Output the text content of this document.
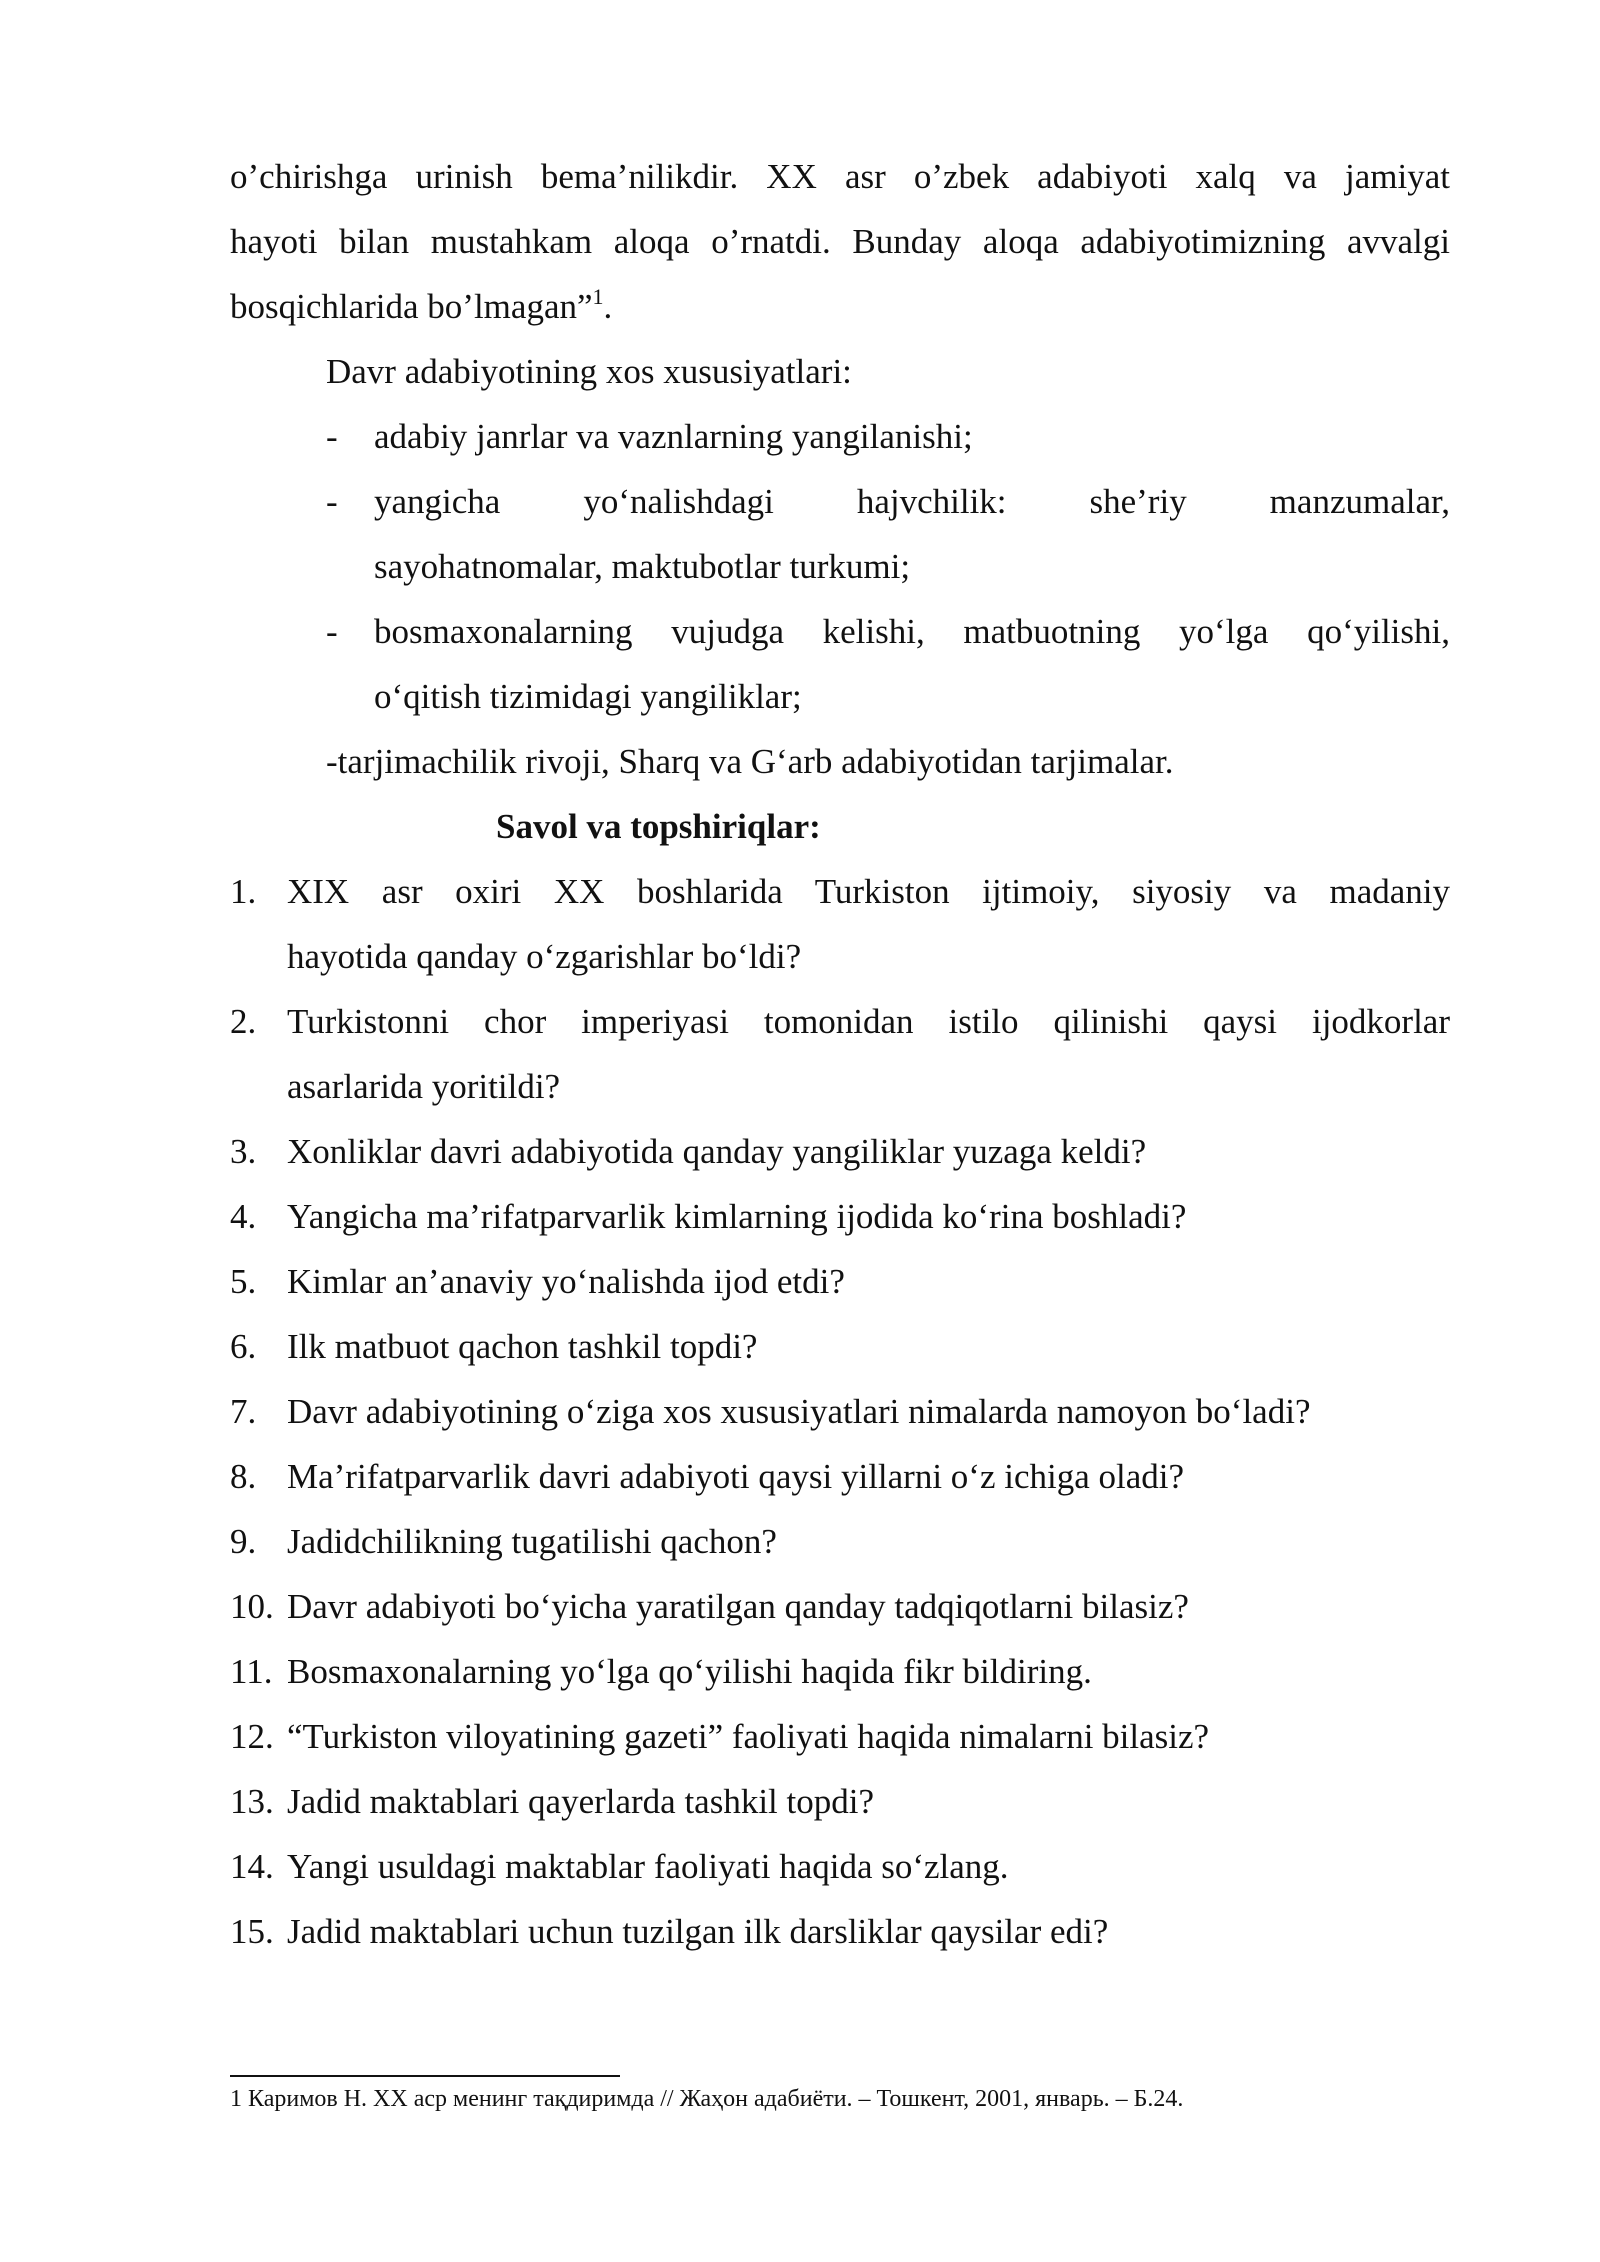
o’chirishga urinish bema’nilikdir. XX asr o’zbek adabiyoti xalq va jamiyat
hayoti bilan mustahkam aloqa o’rnatdi. Bunday aloqa adabiyotimizning avvalgi
bosqichlarida bo’lmagan”$^1$.
Davr adabiyotining xos xususiyatlari:
- adabiy janrlar va vaznlarning yangilanishi;
- yangicha yo‘nalishdagi hajvchilik: she’riy manzumalar,
sayohatnomalar, maktubotlar turkumi;
- bosmaxonalarning vujudga kelishi, matbuotning yo‘lga qo‘yilishi,
o‘qitish tizimidagi yangiliklar;
-tarjimachilik rivoji, Sharq va G‘arb adabiyotidan tarjimalar.
Savol va topshiriqlar:
1. XIX asr oxiri XX boshlarida Turkiston ijtimoiy, siyosiy va madaniy
hayotida qanday o‘zgarishlar bo‘ldi?
2. Turkistonni chor imperiyasi tomonidan istilo qilinishi qaysi ijodkorlar
asarlarida yoritildi?
3. Xonliklar davri adabiyotida qanday yangiliklar yuzaga keldi?
4. Yangicha ma’rifatparvarlik kimlarning ijodida ko‘rina boshladi?
5. Kimlar an’anaviy yo‘nalishda ijod etdi?
6. Ilk matbuot qachon tashkil topdi?
7. Davr adabiyotining o‘ziga xos xususiyatlari nimalarda namoyon bo‘ladi?
8. Ma’rifatparvarlik davri adabiyoti qaysi yillarni o‘z ichiga oladi?
9. Jadidchilikning tugatilishi qachon?
10. Davr adabiyoti bo‘yicha yaratilgan qanday tadqiqotlarni bilasiz?
11. Bosmaxonalarning yo‘lga qo‘yilishi haqida fikr bildiring.
12. “Turkiston viloyatining gazeti” faoliyati haqida nimalarni bilasiz?
13. Jadid maktablari qayerlarda tashkil topdi?
14. Yangi usuldagi maktablar faoliyati haqida so‘zlang.
15. Jadid maktablari uchun tuzilgan ilk darsliklar qaysilar edi?
1 Каримов Н. XX аср менинг тақдиримда // Жаҳон адабиёти. – Тошкент, 2001, январь. – Б.24.
